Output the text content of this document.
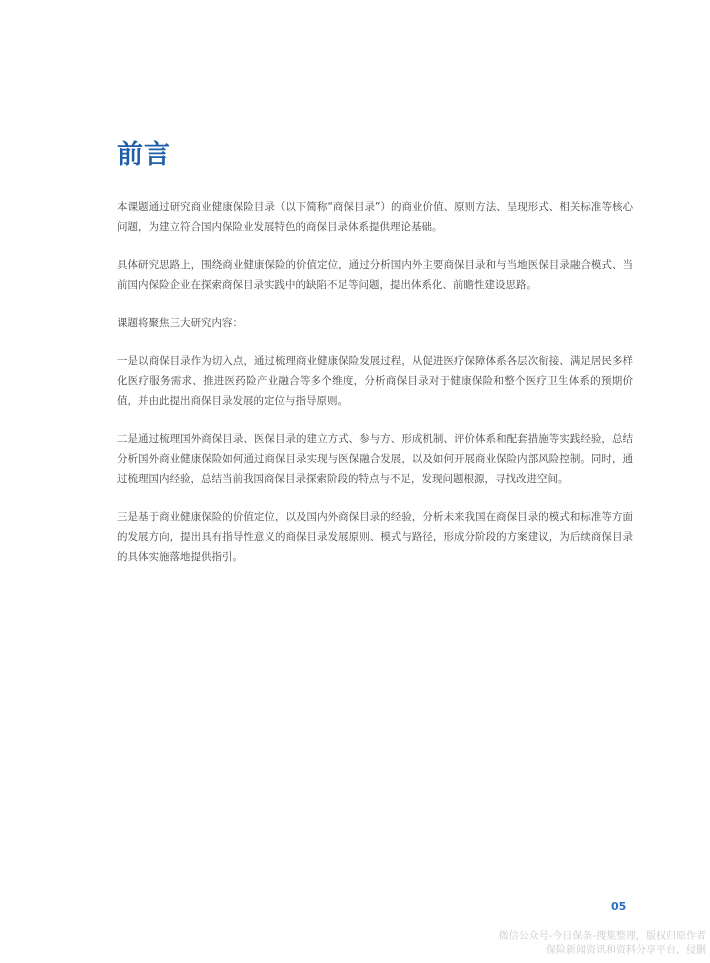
前言

本课题通过研究商业健康保险目录（以下简称“商保目录”）的商业价值、原则方法、呈现形式、相关标准等核心问题，为建立符合国内保险业发展特色的商保目录体系提供理论基础。

具体研究思路上，围绕商业健康保险的价值定位，通过分析国内外主要商保目录和与当地医保目录融合模式、当前国内保险企业在探索商保目录实践中的缺陷不足等问题，提出体系化、前瞻性建设思路。

课题将聚焦三大研究内容：

一是以商保目录作为切入点，通过梳理商业健康保险发展过程，从促进医疗保障体系各层次衔接、满足居民多样化医疗服务需求、推进医药险产业融合等多个维度，分析商保目录对于健康保险和整个医疗卫生体系的预期价值，并由此提出商保目录发展的定位与指导原则。

二是通过梳理国外商保目录、医保目录的建立方式、参与方、形成机制、评价体系和配套措施等实践经验，总结分析国外商业健康保险如何通过商保目录实现与医保融合发展，以及如何开展商业保险内部风险控制。同时，通过梳理国内经验，总结当前我国商保目录探索阶段的特点与不足，发现问题根源，寻找改进空间。

三是基于商业健康保险的价值定位，以及国内外商保目录的经验，分析未来我国在商保目录的模式和标准等方面的发展方向，提出具有指导性意义的商保目录发展原则、模式与路径，形成分阶段的方案建议，为后续商保目录的具体实施落地提供指引。

05
微信公众号-今日保条-搜集整理，版权归原作者
保险新闻资讯和资料分享平台，侵删
